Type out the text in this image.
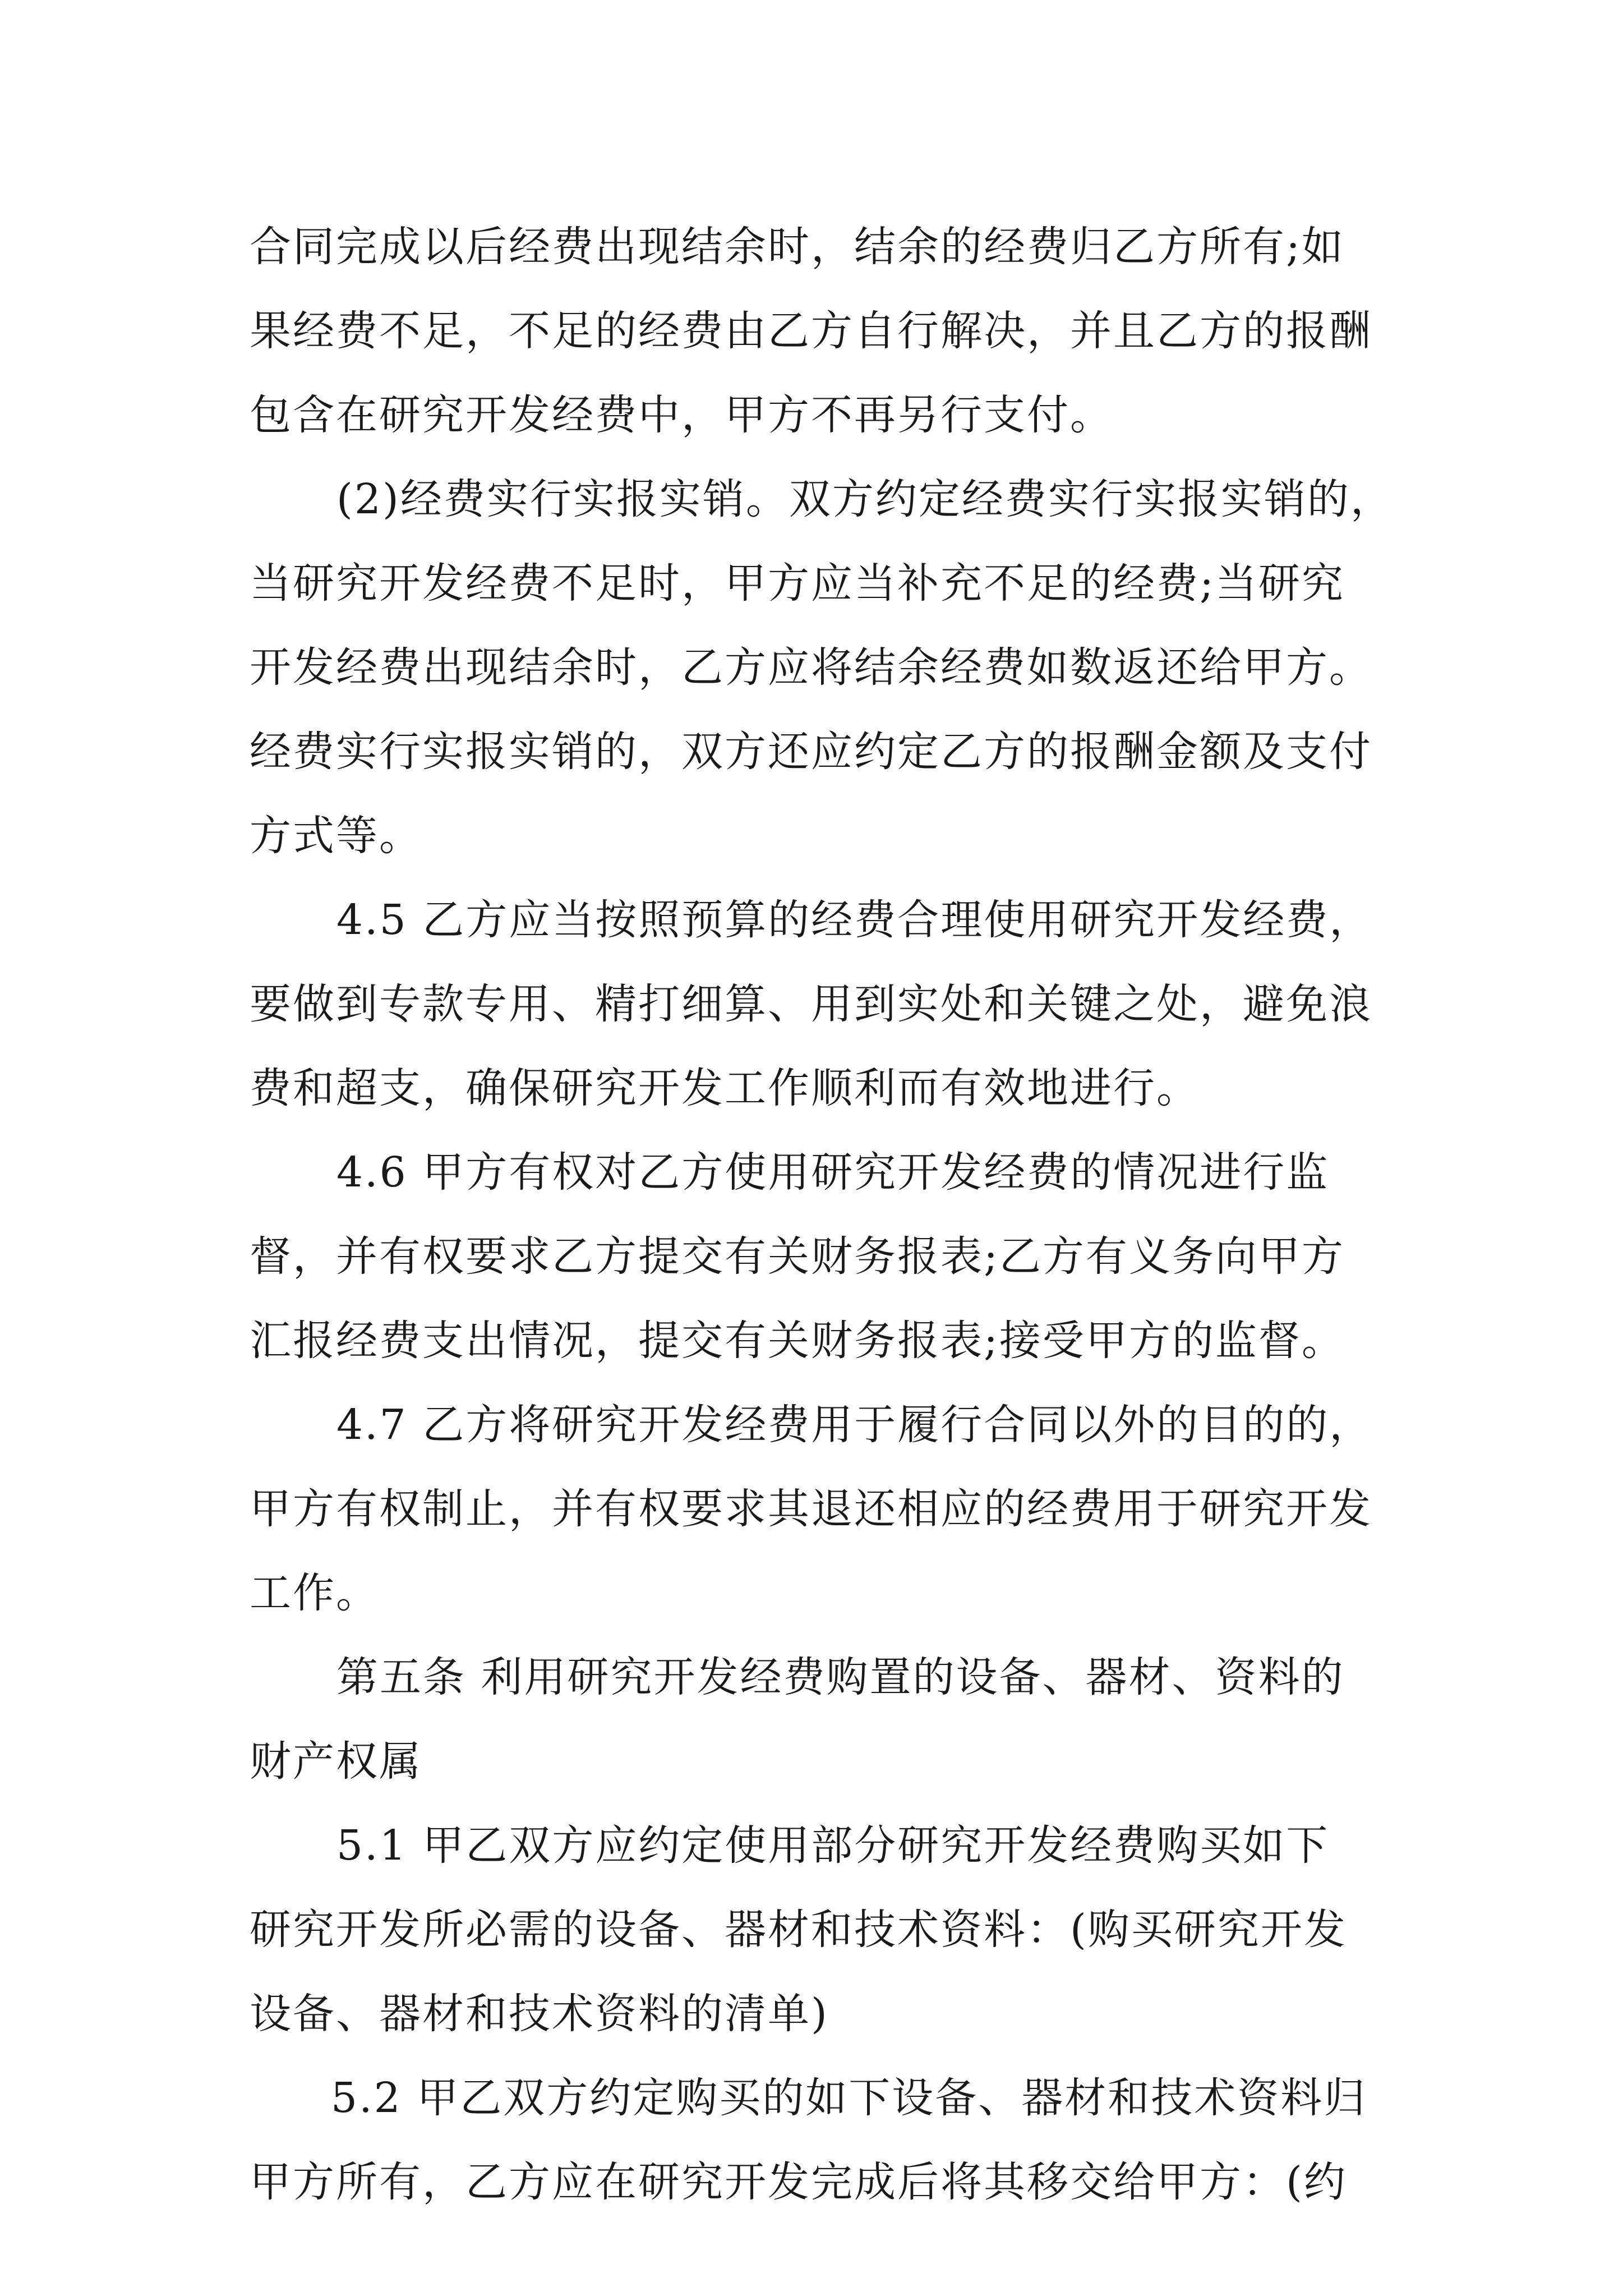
合同完成以后经费出现结余时，结余的经费归乙方所有;如
果经费不足，不足的经费由乙方自行解决，并且乙方的报酬
包含在研究开发经费中，甲方不再另行支付。
(2)经费实行实报实销。双方约定经费实行实报实销的，
当研究开发经费不足时，甲方应当补充不足的经费;当研究
开发经费出现结余时，乙方应将结余经费如数返还给甲方。
经费实行实报实销的，双方还应约定乙方的报酬金额及支付
方式等。
4.5 乙方应当按照预算的经费合理使用研究开发经费，
要做到专款专用、精打细算、用到实处和关键之处，避免浪
费和超支，确保研究开发工作顺利而有效地进行。
4.6 甲方有权对乙方使用研究开发经费的情况进行监
督，并有权要求乙方提交有关财务报表;乙方有义务向甲方
汇报经费支出情况，提交有关财务报表;接受甲方的监督。
4.7 乙方将研究开发经费用于履行合同以外的目的的，
甲方有权制止，并有权要求其退还相应的经费用于研究开发
工作。
第五条 利用研究开发经费购置的设备、器材、资料的
财产权属
5.1 甲乙双方应约定使用部分研究开发经费购买如下
研究开发所必需的设备、器材和技术资料：(购买研究开发
设备、器材和技术资料的清单)
5.2 甲乙双方约定购买的如下设备、器材和技术资料归
甲方所有，乙方应在研究开发完成后将其移交给甲方：(约
